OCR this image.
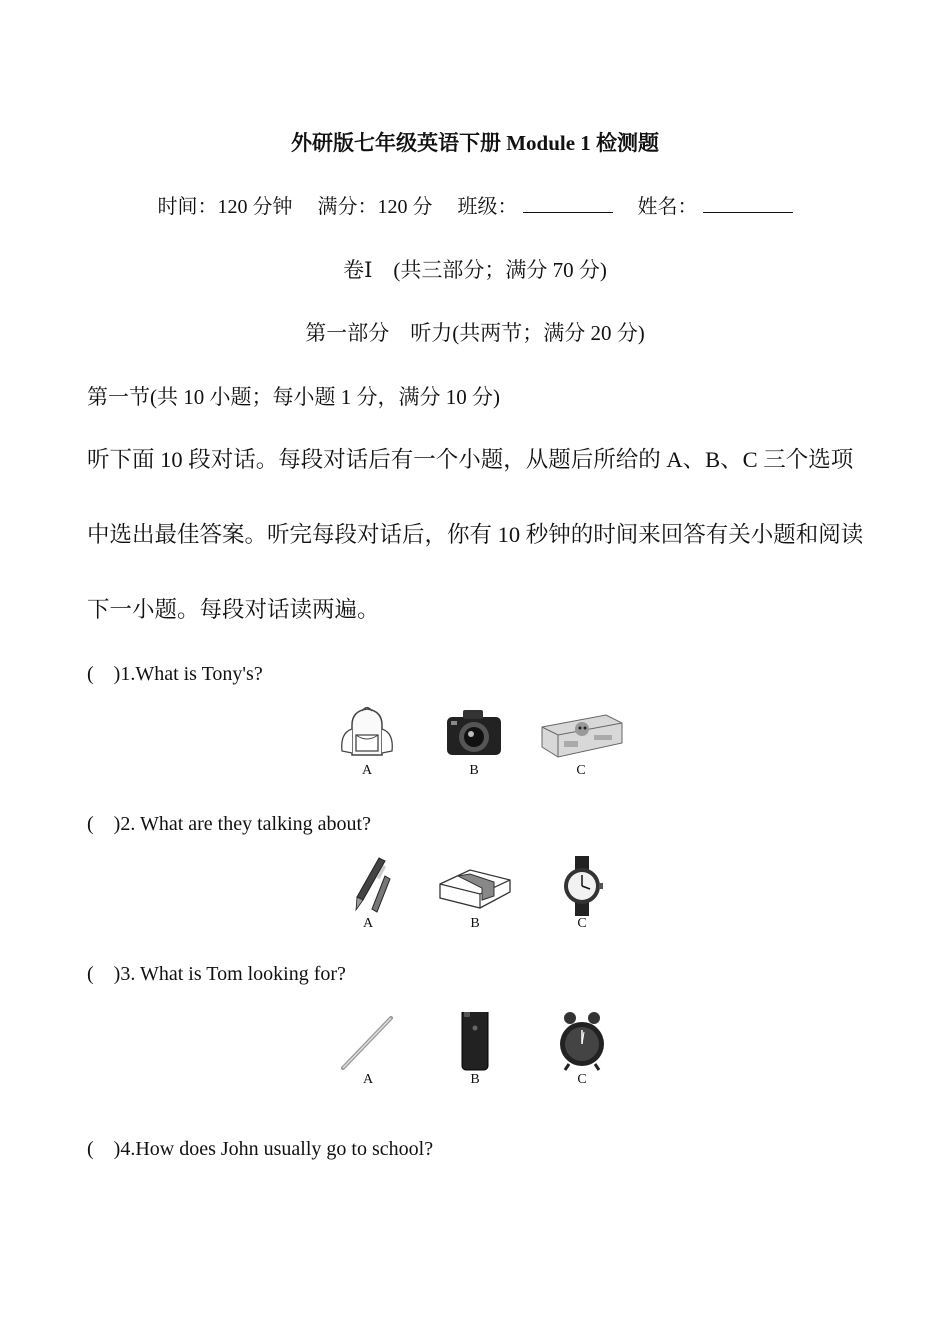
外研版七年级英语下册 Module 1 检测题
时间：120 分钟  满分：120 分  班级：  	姓名：
卷Ⅰ　(共三部分；满分 70 分)
第一部分　听力(共两节；满分 20 分)
第一节(共 10 小题；每小题 1 分，满分 10 分)
听下面 10 段对话。每段对话后有一个小题，从题后所给的 A、B、C 三个选项
中选出最佳答案。听完每段对话后，你有 10 秒钟的时间来回答有关小题和阅读
下一小题。每段对话读两遍。
(　)1.What is Tony's?
A	B	C
(　)2. What are they talking about?
A	B	C
(　)3. What is Tom looking for?
A	B	C
(　)4.How does John usually go to school?
